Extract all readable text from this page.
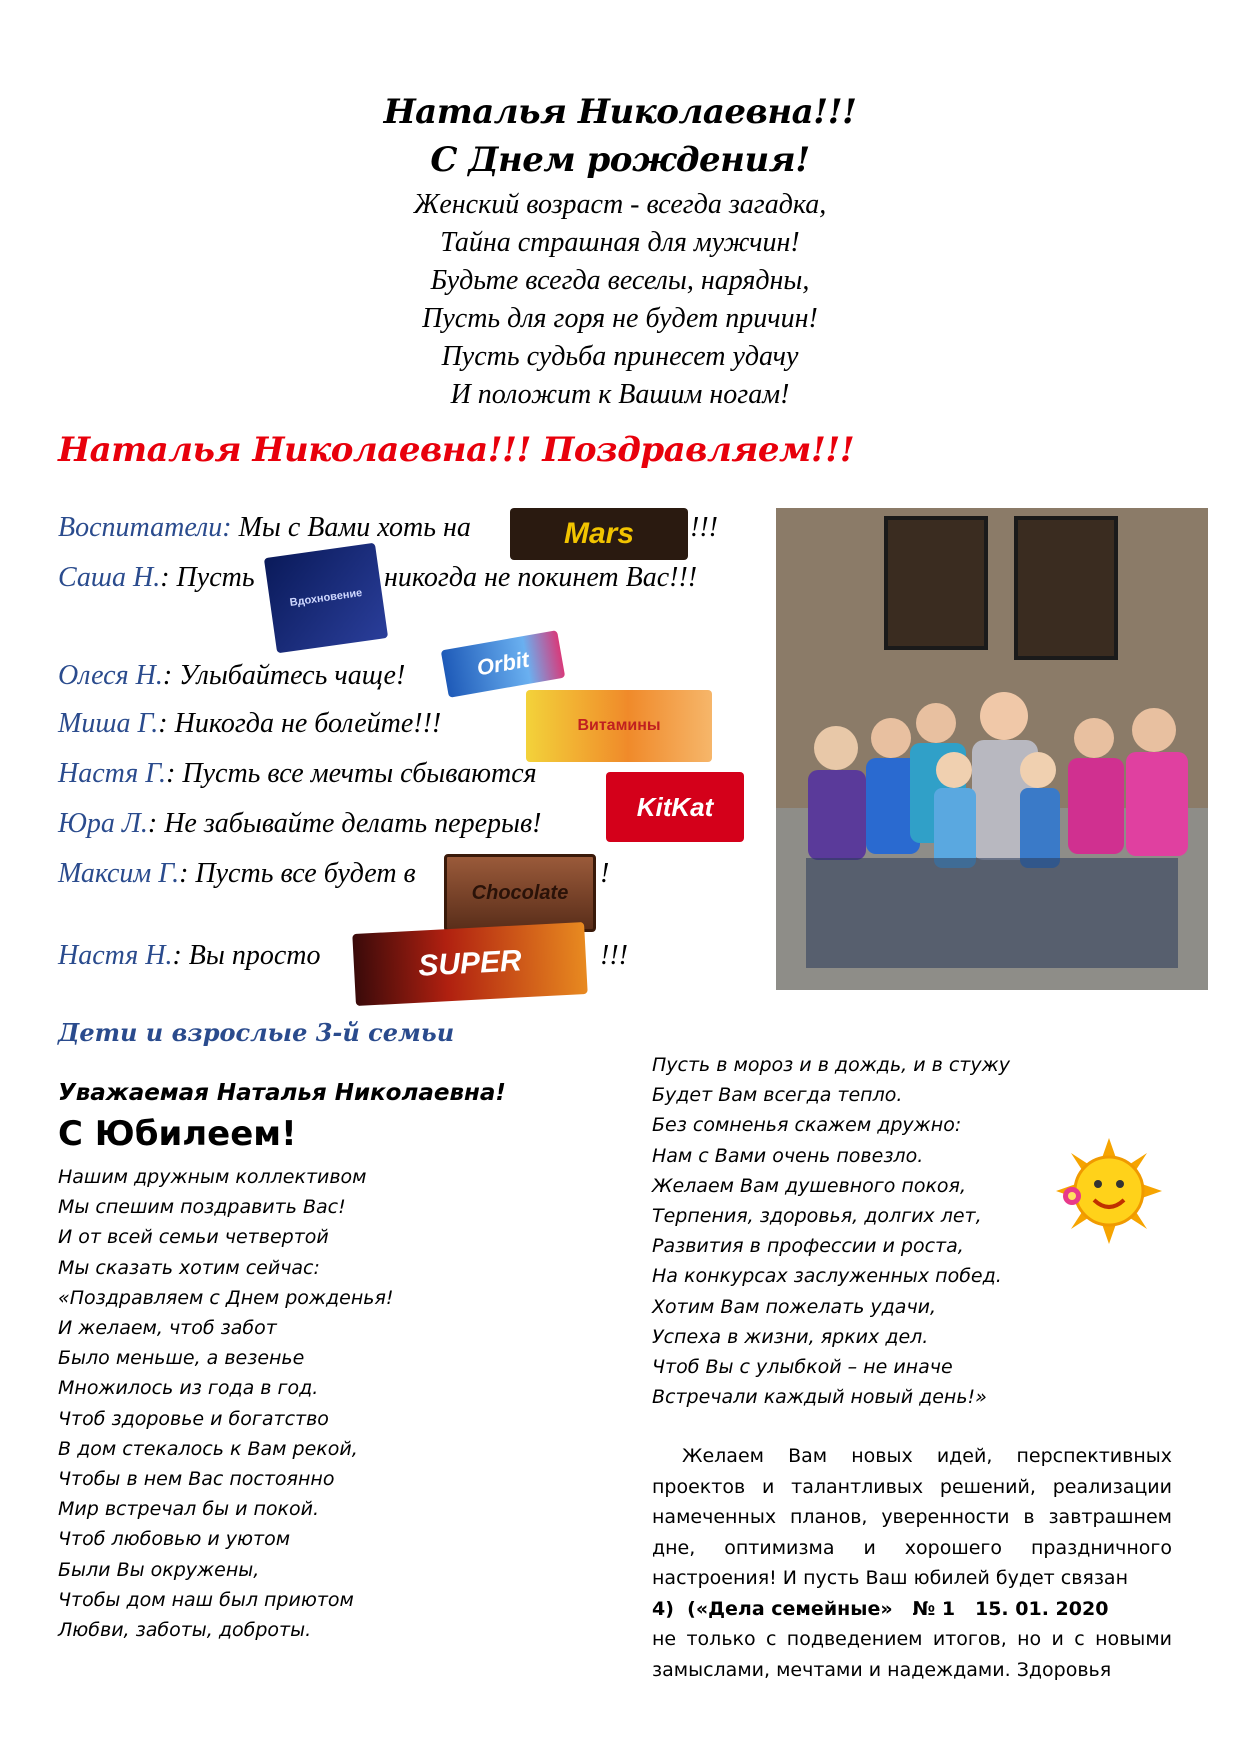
Наталья Николаевна!!!
С Днем рождения!
Женский возраст - всегда загадка,
Тайна страшная для мужчин!
Будьте всегда веселы, нарядны,
Пусть для горя не будет причин!
Пусть судьба принесет удачу
И положит к Вашим ногам!
Наталья Николаевна!!! Поздравляем!!!
Воспитатели: Мы с Вами хоть на	Mars !!!
Саша Н.: Пусть
Вдохновение
никогда не покинет Вас!!!
Олеся Н.: Улыбайтесь чаще!	Orbit
Миша Г.: Никогда не болейте!!!	Витамины
Настя Г.: Пусть все мечты сбываются
KitKat
Юра Л.: Не забывайте делать перерыв!
Максим Г.: Пусть все будет в
Chocolate
!
Настя Н.: Вы просто	SUPER	!!!
Дети и взрослые 3-й семьи
Уважаемая Наталья Николаевна!
С Юбилеем!
Нашим дружным коллективом
Мы спешим поздравить Вас!
И от всей семьи четвертой
Мы сказать хотим сейчас:
«Поздравляем с Днем рожденья!
И желаем, чтоб забот
Было меньше, а везенье
Множилось из года в год.
Чтоб здоровье и богатство
В дом стекалось к Вам рекой,
Чтобы в нем Вас постоянно
Мир встречал бы и покой.
Чтоб любовью и уютом
Были Вы окружены,
Чтобы дом наш был приютом
Любви, заботы, доброты.
Пусть в мороз и в дождь, и в стужу
Будет Вам всегда тепло.
Без сомненья скажем дружно:
Нам с Вами очень повезло.
Желаем Вам душевного покоя,
Терпения, здоровья, долгих лет,
Развития в профессии и роста,
На конкурсах заслуженных побед.
Хотим Вам пожелать удачи,
Успеха в жизни, ярких дел.
Чтоб Вы с улыбкой – не иначе
Встречали каждый новый день!»
Желаем Вам новых идей, перспективных проектов и талантливых решений, реализации намеченных планов, уверенности в завтрашнем дне, оптимизма и хорошего праздничного настроения! И пусть Ваш юбилей будет связан
4)  («Дела семейные»   № 1   15. 01. 2020
не только с подведением итогов, но и с новыми замыслами, мечтами и надеждами. Здоровья
